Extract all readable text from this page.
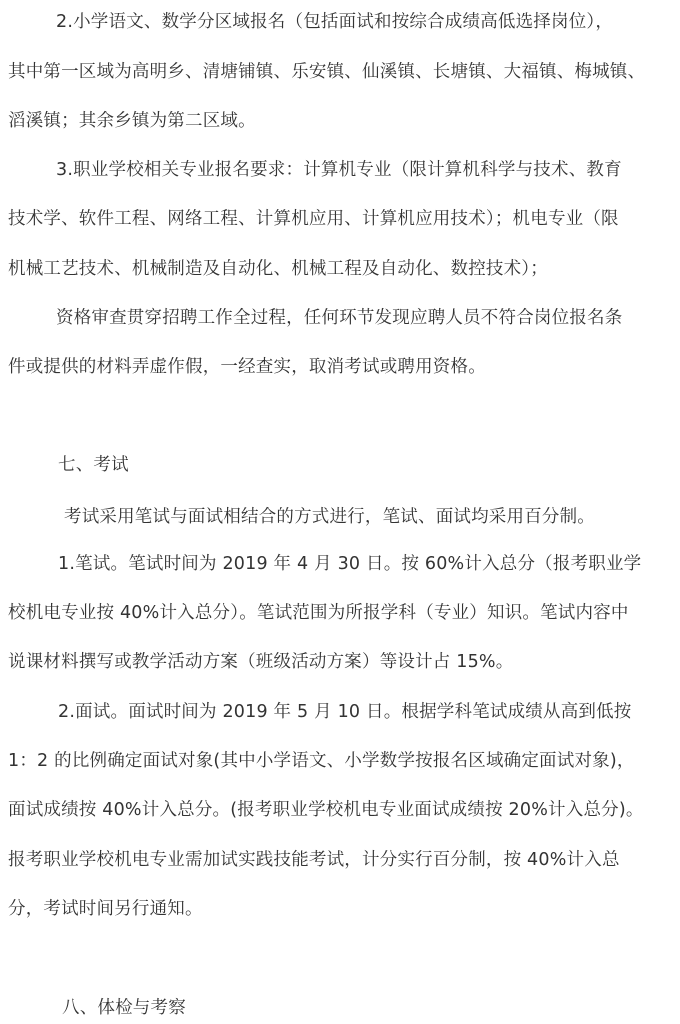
2.小学语文、数学分区域报名（包括面试和按综合成绩高低选择岗位），
其中第一区域为高明乡、清塘铺镇、乐安镇、仙溪镇、长塘镇、大福镇、梅城镇、
滔溪镇；其余乡镇为第二区域。
3.职业学校相关专业报名要求：计算机专业（限计算机科学与技术、教育
技术学、软件工程、网络工程、计算机应用、计算机应用技术）；机电专业（限
机械工艺技术、机械制造及自动化、机械工程及自动化、数控技术）；
资格审查贯穿招聘工作全过程，任何环节发现应聘人员不符合岗位报名条
件或提供的材料弄虚作假，一经查实，取消考试或聘用资格。
七、考试
考试采用笔试与面试相结合的方式进行，笔试、面试均采用百分制。
1.笔试。笔试时间为 2019 年 4 月 30 日。按 60%计入总分（报考职业学
校机电专业按 40%计入总分）。笔试范围为所报学科（专业）知识。笔试内容中
说课材料撰写或教学活动方案（班级活动方案）等设计占 15%。
2.面试。面试时间为 2019 年 5 月 10 日。根据学科笔试成绩从高到低按
1：2 的比例确定面试对象(其中小学语文、小学数学按报名区域确定面试对象)，
面试成绩按 40%计入总分。(报考职业学校机电专业面试成绩按 20%计入总分)。
报考职业学校机电专业需加试实践技能考试，计分实行百分制，按 40%计入总
分，考试时间另行通知。
八、体检与考察
